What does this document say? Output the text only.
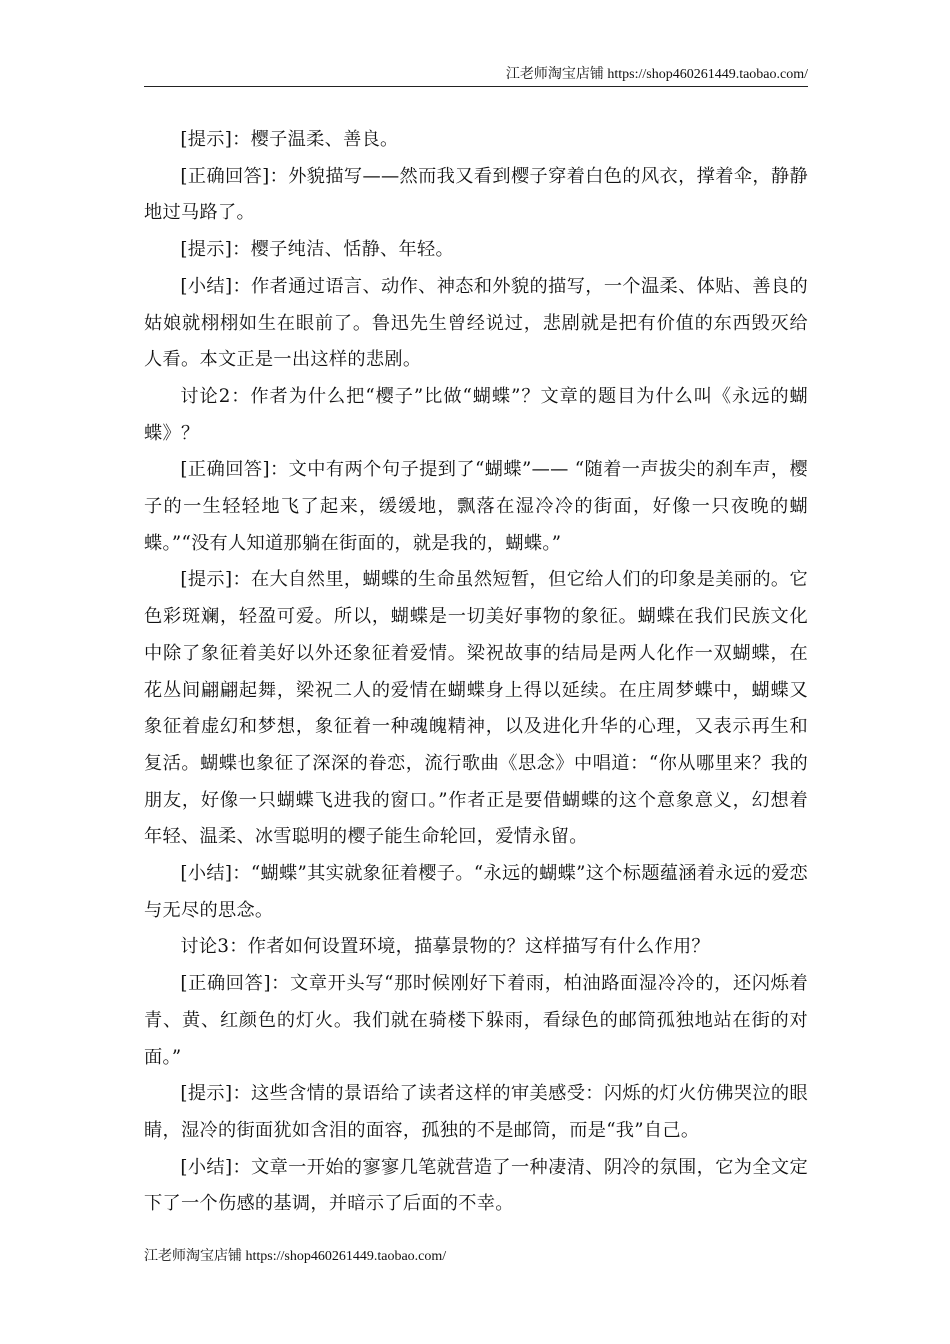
江老师淘宝店铺 https://shop460261449.taobao.com/

[提示]：樱子温柔、善良。

[正确回答]：外貌描写——然而我又看到樱子穿着白色的风衣，撑着伞，静静地过马路了。

[提示]：樱子纯洁、恬静、年轻。

[小结]：作者通过语言、动作、神态和外貌的描写，一个温柔、体贴、善良的姑娘就栩栩如生在眼前了。鲁迅先生曾经说过，悲剧就是把有价值的东西毁灭给人看。本文正是一出这样的悲剧。

讨论2：作者为什么把“樱子”比做“蝴蝶”？文章的题目为什么叫《永远的蝴蝶》？

[正确回答]：文中有两个句子提到了“蝴蝶”—— “随着一声拔尖的刹车声，樱子的一生轻轻地飞了起来，缓缓地，飘落在湿冷冷的街面，好像一只夜晚的蝴蝶。”“没有人知道那躺在街面的，就是我的，蝴蝶。”

[提示]：在大自然里，蝴蝶的生命虽然短暂，但它给人们的印象是美丽的。它色彩斑斓，轻盈可爱。所以，蝴蝶是一切美好事物的象征。蝴蝶在我们民族文化中除了象征着美好以外还象征着爱情。梁祝故事的结局是两人化作一双蝴蝶，在花丛间翩翩起舞，梁祝二人的爱情在蝴蝶身上得以延续。在庄周梦蝶中，蝴蝶又象征着虚幻和梦想，象征着一种魂魄精神，以及进化升华的心理，又表示再生和复活。蝴蝶也象征了深深的眷恋，流行歌曲《思念》中唱道：“你从哪里来？我的朋友，好像一只蝴蝶飞进我的窗口。”作者正是要借蝴蝶的这个意象意义，幻想着年轻、温柔、冰雪聪明的樱子能生命轮回，爱情永留。

[小结]：“蝴蝶”其实就象征着樱子。“永远的蝴蝶”这个标题蕴涵着永远的爱恋与无尽的思念。

讨论3：作者如何设置环境，描摹景物的？这样描写有什么作用？

[正确回答]：文章开头写“那时候刚好下着雨，柏油路面湿冷冷的，还闪烁着青、黄、红颜色的灯火。我们就在骑楼下躲雨，看绿色的邮筒孤独地站在街的对面。”

[提示]：这些含情的景语给了读者这样的审美感受：闪烁的灯火仿佛哭泣的眼睛，湿冷的街面犹如含泪的面容，孤独的不是邮筒，而是“我”自己。

[小结]：文章一开始的寥寥几笔就营造了一种凄清、阴冷的氛围，它为全文定下了一个伤感的基调，并暗示了后面的不幸。

江老师淘宝店铺 https://shop460261449.taobao.com/
